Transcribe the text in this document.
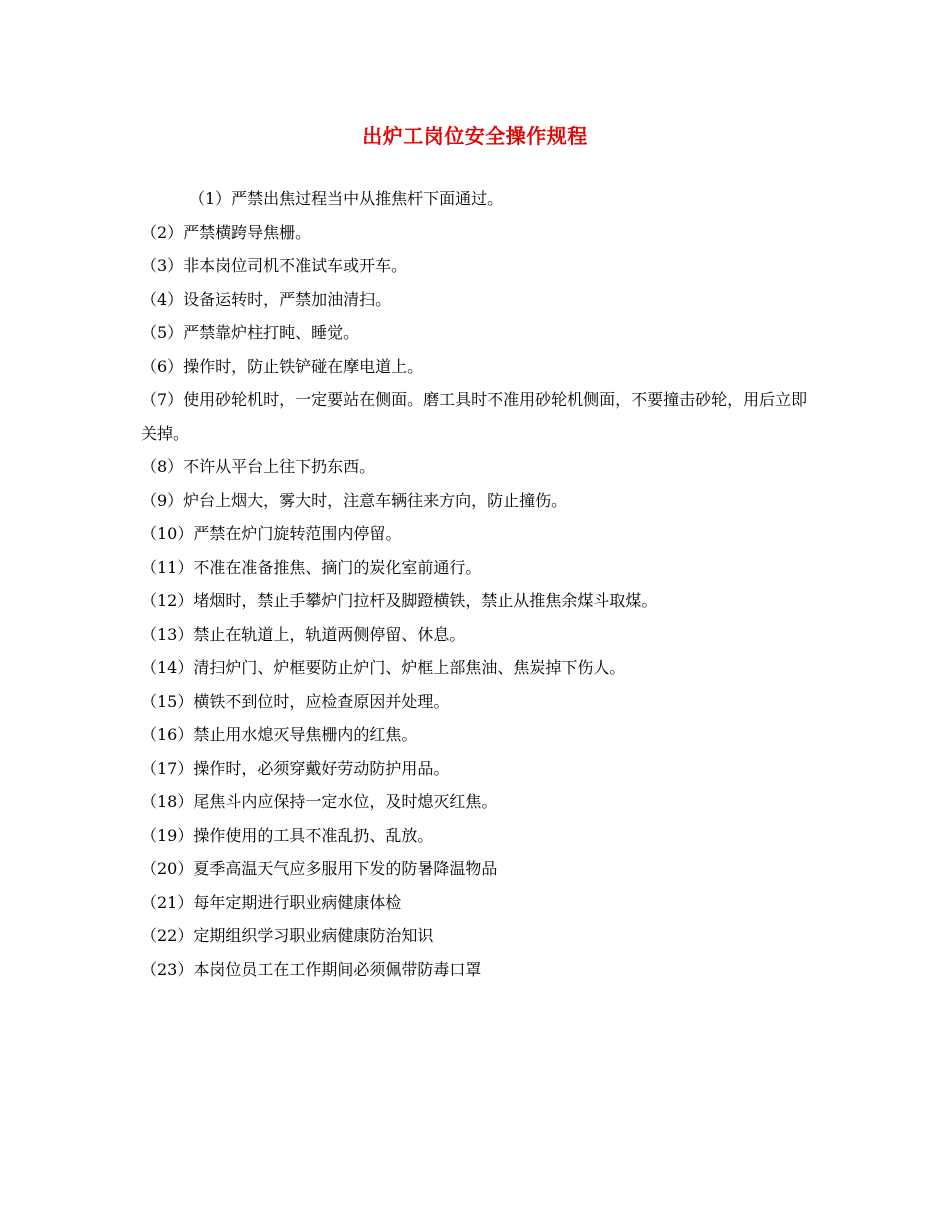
出炉工岗位安全操作规程

（1）严禁出焦过程当中从推焦杆下面通过。

（2）严禁横跨导焦栅。

（3）非本岗位司机不准试车或开车。

（4）设备运转时，严禁加油清扫。

（5）严禁靠炉柱打盹、睡觉。

（6）操作时，防止铁铲碰在摩电道上。

（7）使用砂轮机时，一定要站在侧面。磨工具时不准用砂轮机侧面，不要撞击砂轮，用后立即关掉。

（8）不许从平台上往下扔东西。

（9）炉台上烟大，雾大时，注意车辆往来方向，防止撞伤。

（10）严禁在炉门旋转范围内停留。

（11）不准在准备推焦、摘门的炭化室前通行。

（12）堵烟时，禁止手攀炉门拉杆及脚蹬横铁，禁止从推焦余煤斗取煤。

（13）禁止在轨道上，轨道两侧停留、休息。

（14）清扫炉门、炉框要防止炉门、炉框上部焦油、焦炭掉下伤人。

（15）横铁不到位时，应检查原因并处理。

（16）禁止用水熄灭导焦栅内的红焦。

（17）操作时，必须穿戴好劳动防护用品。

（18）尾焦斗内应保持一定水位，及时熄灭红焦。

（19）操作使用的工具不准乱扔、乱放。

（20）夏季高温天气应多服用下发的防暑降温物品

（21）每年定期进行职业病健康体检

（22）定期组织学习职业病健康防治知识

（23）本岗位员工在工作期间必须佩带防毒口罩
